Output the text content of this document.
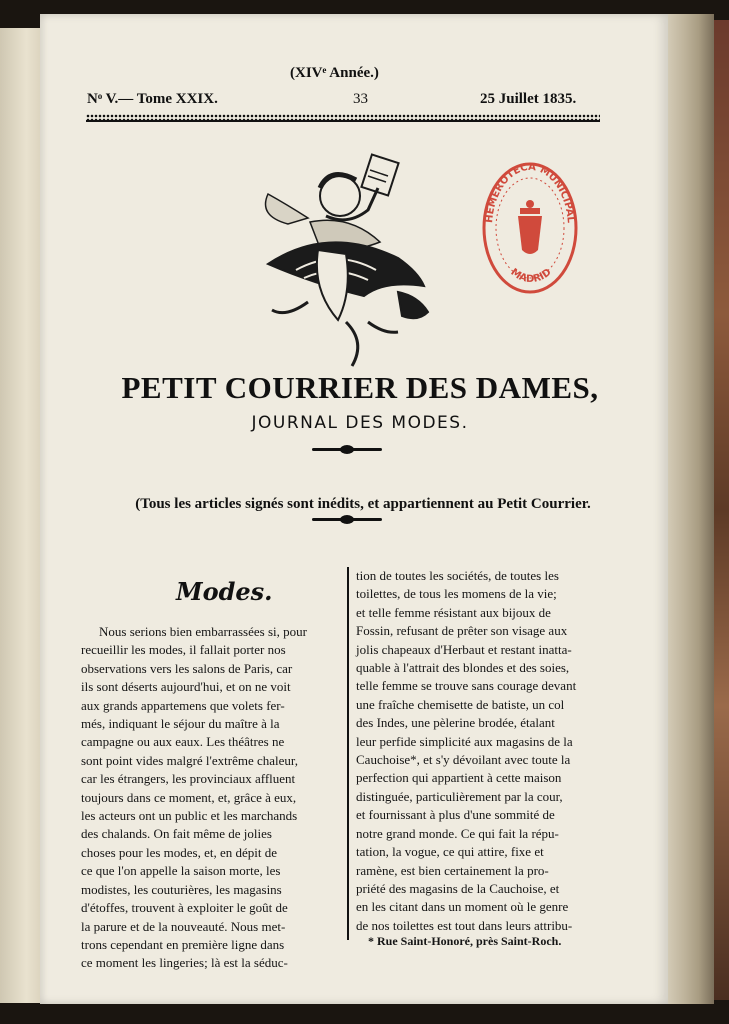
(XIVᵉ Année.)
Nᵒ V.— Tome XXIX.	33	25 Juillet 1835.
HEMEROTECA MUNICIPAL
MADRID
PETIT COURRIER DES DAMES,
JOURNAL DES MODES.
(Tous les articles signés sont inédits, et appartiennent au Petit Courrier.
Modes.

Nous serions bien embarrassées si, pour

recueillir les modes, il fallait porter nos

observations vers les salons de Paris, car

ils sont déserts aujourd'hui, et on ne voit

aux grands appartemens que volets fer-

més, indiquant le séjour du maître à la

campagne ou aux eaux. Les théâtres ne

sont point vides malgré l'extrême chaleur,

car les étrangers, les provinciaux affluent

toujours dans ce moment, et, grâce à eux,

les acteurs ont un public et les marchands

des chalands. On fait même de jolies

choses pour les modes, et, en dépit de

ce que l'on appelle la saison morte, les

modistes, les couturières, les magasins

d'étoffes, trouvent à exploiter le goût de

la parure et de la nouveauté. Nous met-

trons cependant en première ligne dans

ce moment les lingeries; là est la séduc-

tion de toutes les sociétés, de toutes les

toilettes, de tous les momens de la vie;

et telle femme résistant aux bijoux de

Fossin, refusant de prêter son visage aux

jolis chapeaux d'Herbaut et restant inatta-

quable à l'attrait des blondes et des soies,

telle femme se trouve sans courage devant

une fraîche chemisette de batiste, un col

des Indes, une pèlerine brodée, étalant

leur perfide simplicité aux magasins de la

Cauchoise*, et s'y dévoilant avec toute la

perfection qui appartient à cette maison

distinguée, particulièrement par la cour,

et fournissant à plus d'une sommité de

notre grand monde. Ce qui fait la répu-

tation, la vogue, ce qui attire, fixe et

ramène, est bien certainement la pro-

priété des magasins de la Cauchoise, et

en les citant dans un moment où le genre

de nos toilettes est tout dans leurs attribu-

* Rue Saint-Honoré, près Saint-Roch.
